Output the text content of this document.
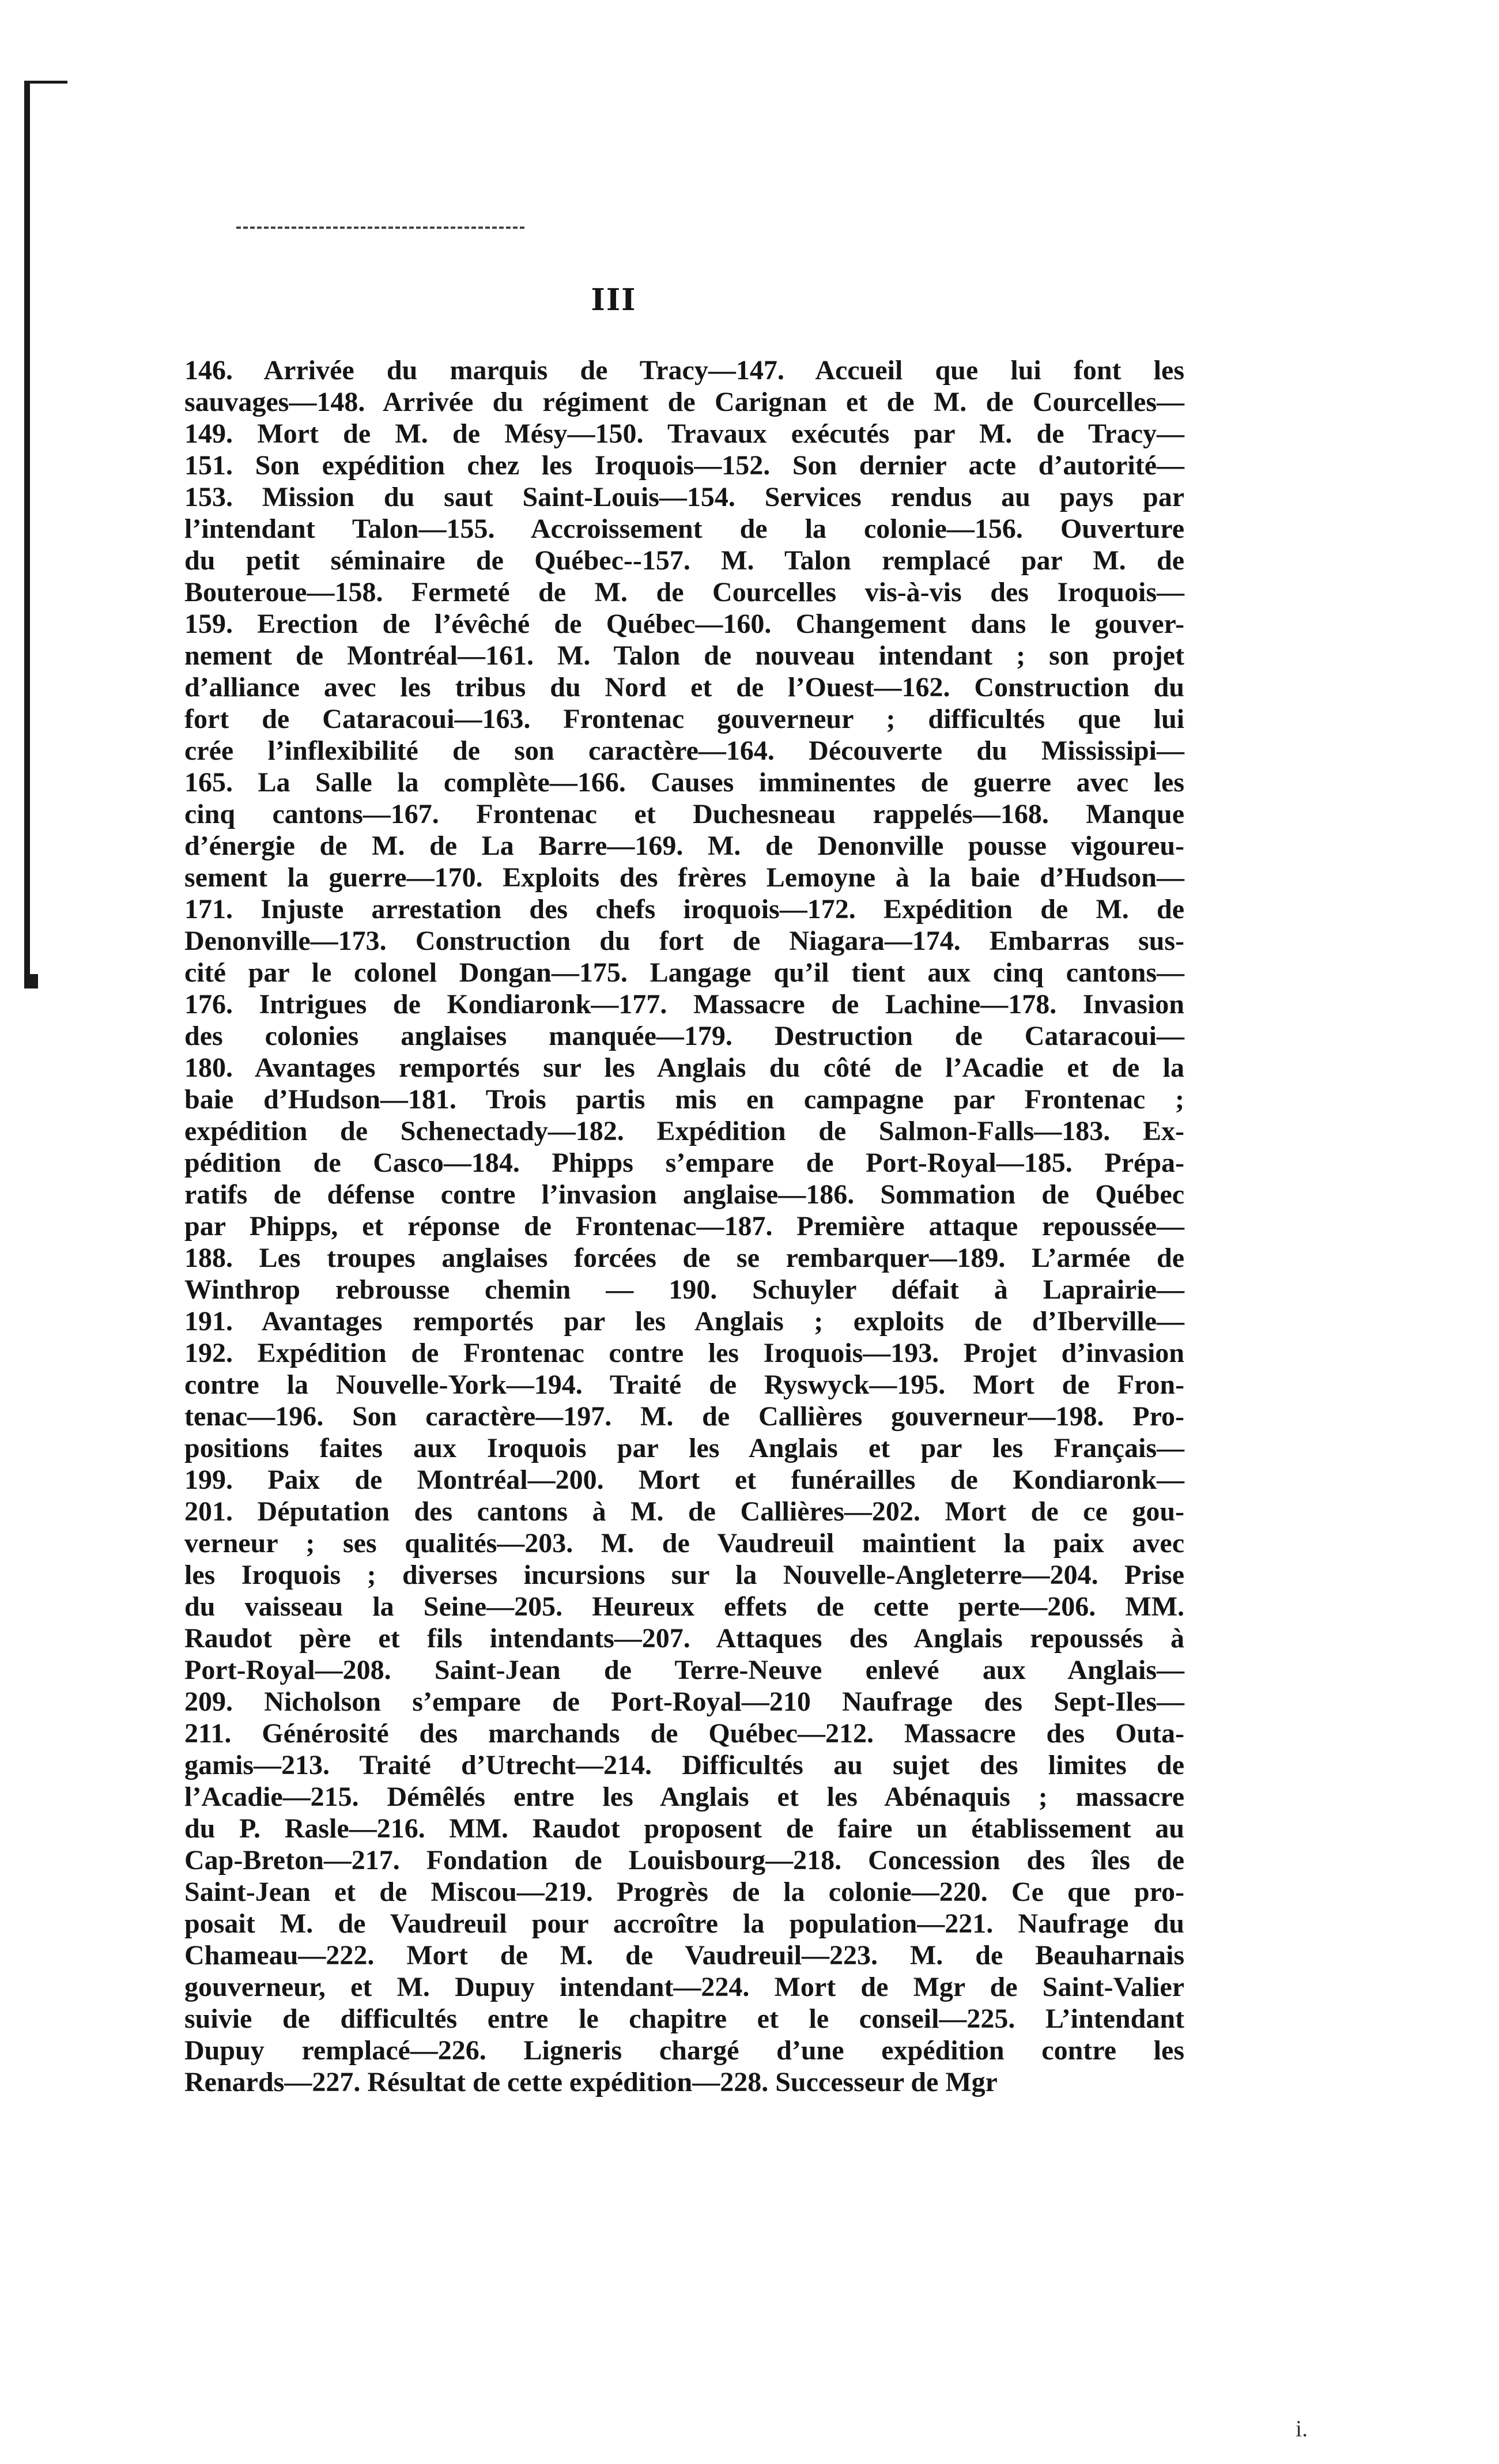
III
146. Arrivée du marquis de Tracy—147. Accueil que lui font les
sauvages—148. Arrivée du régiment de Carignan et de M. de Courcelles—
149. Mort de M. de Mésy—150. Travaux exécutés par M. de Tracy—
151. Son expédition chez les Iroquois—152. Son dernier acte d’autorité—
153. Mission du saut Saint-Louis—154. Services rendus au pays par
l’intendant Talon—155. Accroissement de la colonie—156. Ouverture
du petit séminaire de Québec--157. M. Talon remplacé par M. de
Bouteroue—158. Fermeté de M. de Courcelles vis-à-vis des Iroquois—
159. Erection de l’évêché de Québec—160. Changement dans le gouver-
nement de Montréal—161. M. Talon de nouveau intendant ; son projet
d’alliance avec les tribus du Nord et de l’Ouest—162. Construction du
fort de Cataracoui—163. Frontenac gouverneur ; difficultés que lui
crée l’inflexibilité de son caractère—164. Découverte du Mississipi—
165. La Salle la complète—166. Causes imminentes de guerre avec les
cinq cantons—167. Frontenac et Duchesneau rappelés—168. Manque
d’énergie de M. de La Barre—169. M. de Denonville pousse vigoureu-
sement la guerre—170. Exploits des frères Lemoyne à la baie d’Hudson—
171. Injuste arrestation des chefs iroquois—172. Expédition de M. de
Denonville—173. Construction du fort de Niagara—174. Embarras sus-
cité par le colonel Dongan—175. Langage qu’il tient aux cinq cantons—
176. Intrigues de Kondiaronk—177. Massacre de Lachine—178. Invasion
des colonies anglaises manquée—179. Destruction de Cataracoui—
180. Avantages remportés sur les Anglais du côté de l’Acadie et de la
baie d’Hudson—181. Trois partis mis en campagne par Frontenac ;
expédition de Schenectady—182. Expédition de Salmon-Falls—183. Ex-
pédition de Casco—184. Phipps s’empare de Port-Royal—185. Prépa-
ratifs de défense contre l’invasion anglaise—186. Sommation de Québec
par Phipps, et réponse de Frontenac—187. Première attaque repoussée—
188. Les troupes anglaises forcées de se rembarquer—189. L’armée de
Winthrop rebrousse chemin — 190. Schuyler défait à Laprairie—
191. Avantages remportés par les Anglais ; exploits de d’Iberville—
192. Expédition de Frontenac contre les Iroquois—193. Projet d’invasion
contre la Nouvelle-York—194. Traité de Ryswyck—195. Mort de Fron-
tenac—196. Son caractère—197. M. de Callières gouverneur—198. Pro-
positions faites aux Iroquois par les Anglais et par les Français—
199. Paix de Montréal—200. Mort et funérailles de Kondiaronk—
201. Députation des cantons à M. de Callières—202. Mort de ce gou-
verneur ; ses qualités—203. M. de Vaudreuil maintient la paix avec
les Iroquois ; diverses incursions sur la Nouvelle-Angleterre—204. Prise
du vaisseau la Seine—205. Heureux effets de cette perte—206. MM.
Raudot père et fils intendants—207. Attaques des Anglais repoussés à
Port-Royal—208. Saint-Jean de Terre-Neuve enlevé aux Anglais—
209. Nicholson s’empare de Port-Royal—210 Naufrage des Sept-Iles—
211. Générosité des marchands de Québec—212. Massacre des Outa-
gamis—213. Traité d’Utrecht—214. Difficultés au sujet des limites de
l’Acadie—215. Démêlés entre les Anglais et les Abénaquis ; massacre
du P. Rasle—216. MM. Raudot proposent de faire un établissement au
Cap-Breton—217. Fondation de Louisbourg—218. Concession des îles de
Saint-Jean et de Miscou—219. Progrès de la colonie—220. Ce que pro-
posait M. de Vaudreuil pour accroître la population—221. Naufrage du
Chameau—222. Mort de M. de Vaudreuil—223. M. de Beauharnais
gouverneur, et M. Dupuy intendant—224. Mort de Mgr de Saint-Valier
suivie de difficultés entre le chapitre et le conseil—225. L’intendant
Dupuy remplacé—226. Ligneris chargé d’une expédition contre les
Renards—227. Résultat de cette expédition—228. Successeur de Mgr
i.
